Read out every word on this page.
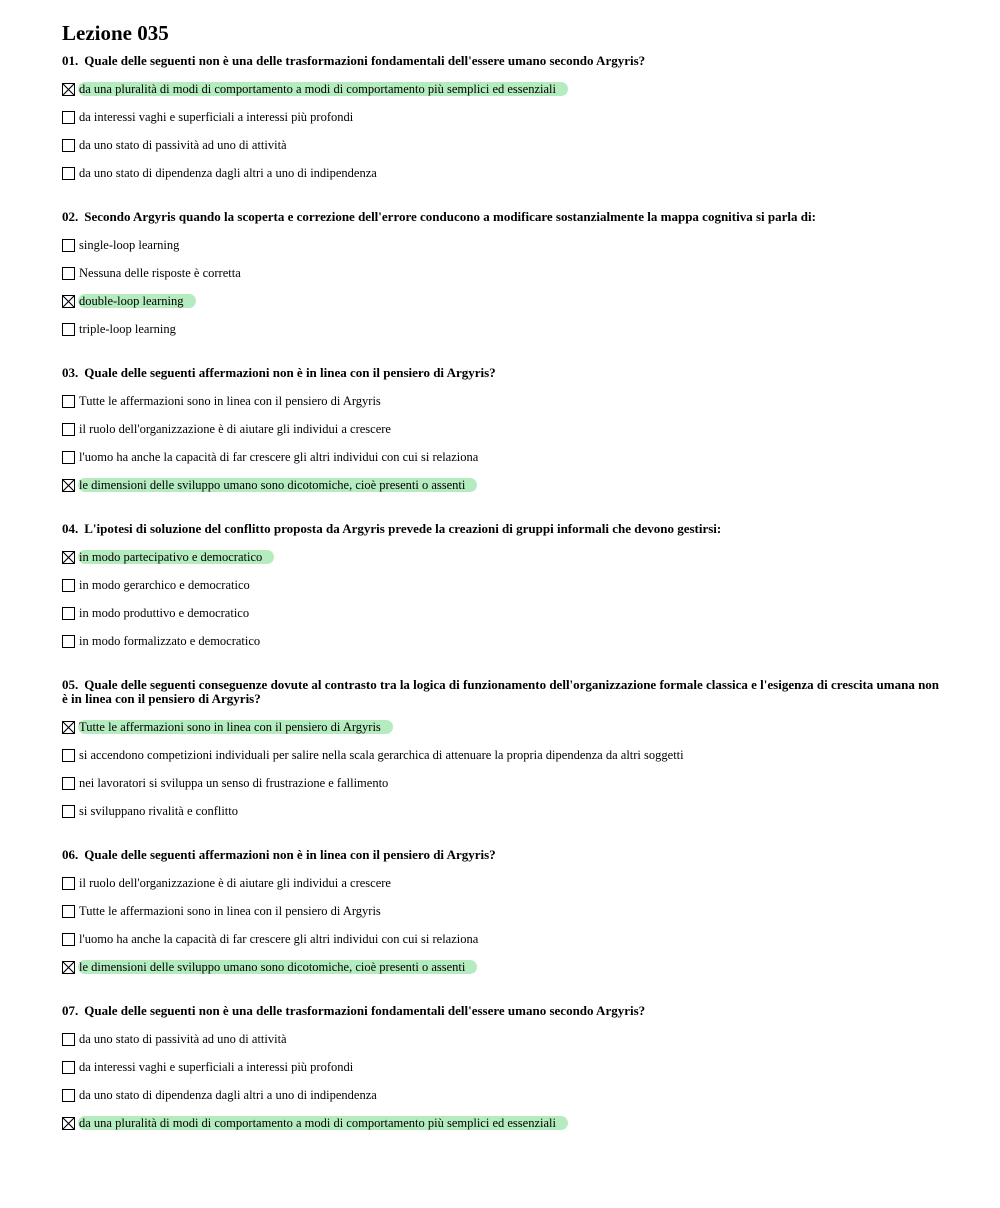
Lezione 035

01. Quale delle seguenti non è una delle trasformazioni fondamentali dell'essere umano secondo Argyris?

da una pluralità di modi di comportamento a modi di comportamento più semplici ed essenziali
da interessi vaghi e superficiali a interessi più profondi
da uno stato di passività ad uno di attività
da uno stato di dipendenza dagli altri a uno di indipendenza

02. Secondo Argyris quando la scoperta e correzione dell'errore conducono a modificare sostanzialmente la mappa cognitiva si parla di:

single-loop learning
Nessuna delle risposte è corretta
double-loop learning
triple-loop learning

03. Quale delle seguenti affermazioni non è in linea con il pensiero di Argyris?

Tutte le affermazioni sono in linea con il pensiero di Argyris
il ruolo dell'organizzazione è di aiutare gli individui a crescere
l'uomo ha anche la capacità di far crescere gli altri individui con cui si relaziona
le dimensioni delle sviluppo umano sono dicotomiche, cioè presenti o assenti

04. L'ipotesi di soluzione del conflitto proposta da Argyris prevede la creazioni di gruppi informali che devono gestirsi:

in modo partecipativo e democratico
in modo gerarchico e democratico
in modo produttivo e democratico
in modo formalizzato e democratico

05. Quale delle seguenti conseguenze dovute al contrasto tra la logica di funzionamento dell'organizzazione formale classica e l'esigenza di crescita umana non è in linea con il pensiero di Argyris?

Tutte le affermazioni sono in linea con il pensiero di Argyris
si accendono competizioni individuali per salire nella scala gerarchica di attenuare la propria dipendenza da altri soggetti
nei lavoratori si sviluppa un senso di frustrazione e fallimento
si sviluppano rivalità e conflitto

06. Quale delle seguenti affermazioni non è in linea con il pensiero di Argyris?

il ruolo dell'organizzazione è di aiutare gli individui a crescere
Tutte le affermazioni sono in linea con il pensiero di Argyris
l'uomo ha anche la capacità di far crescere gli altri individui con cui si relaziona
le dimensioni delle sviluppo umano sono dicotomiche, cioè presenti o assenti

07. Quale delle seguenti non è una delle trasformazioni fondamentali dell'essere umano secondo Argyris?

da uno stato di passività ad uno di attività
da interessi vaghi e superficiali a interessi più profondi
da uno stato di dipendenza dagli altri a uno di indipendenza
da una pluralità di modi di comportamento a modi di comportamento più semplici ed essenziali
